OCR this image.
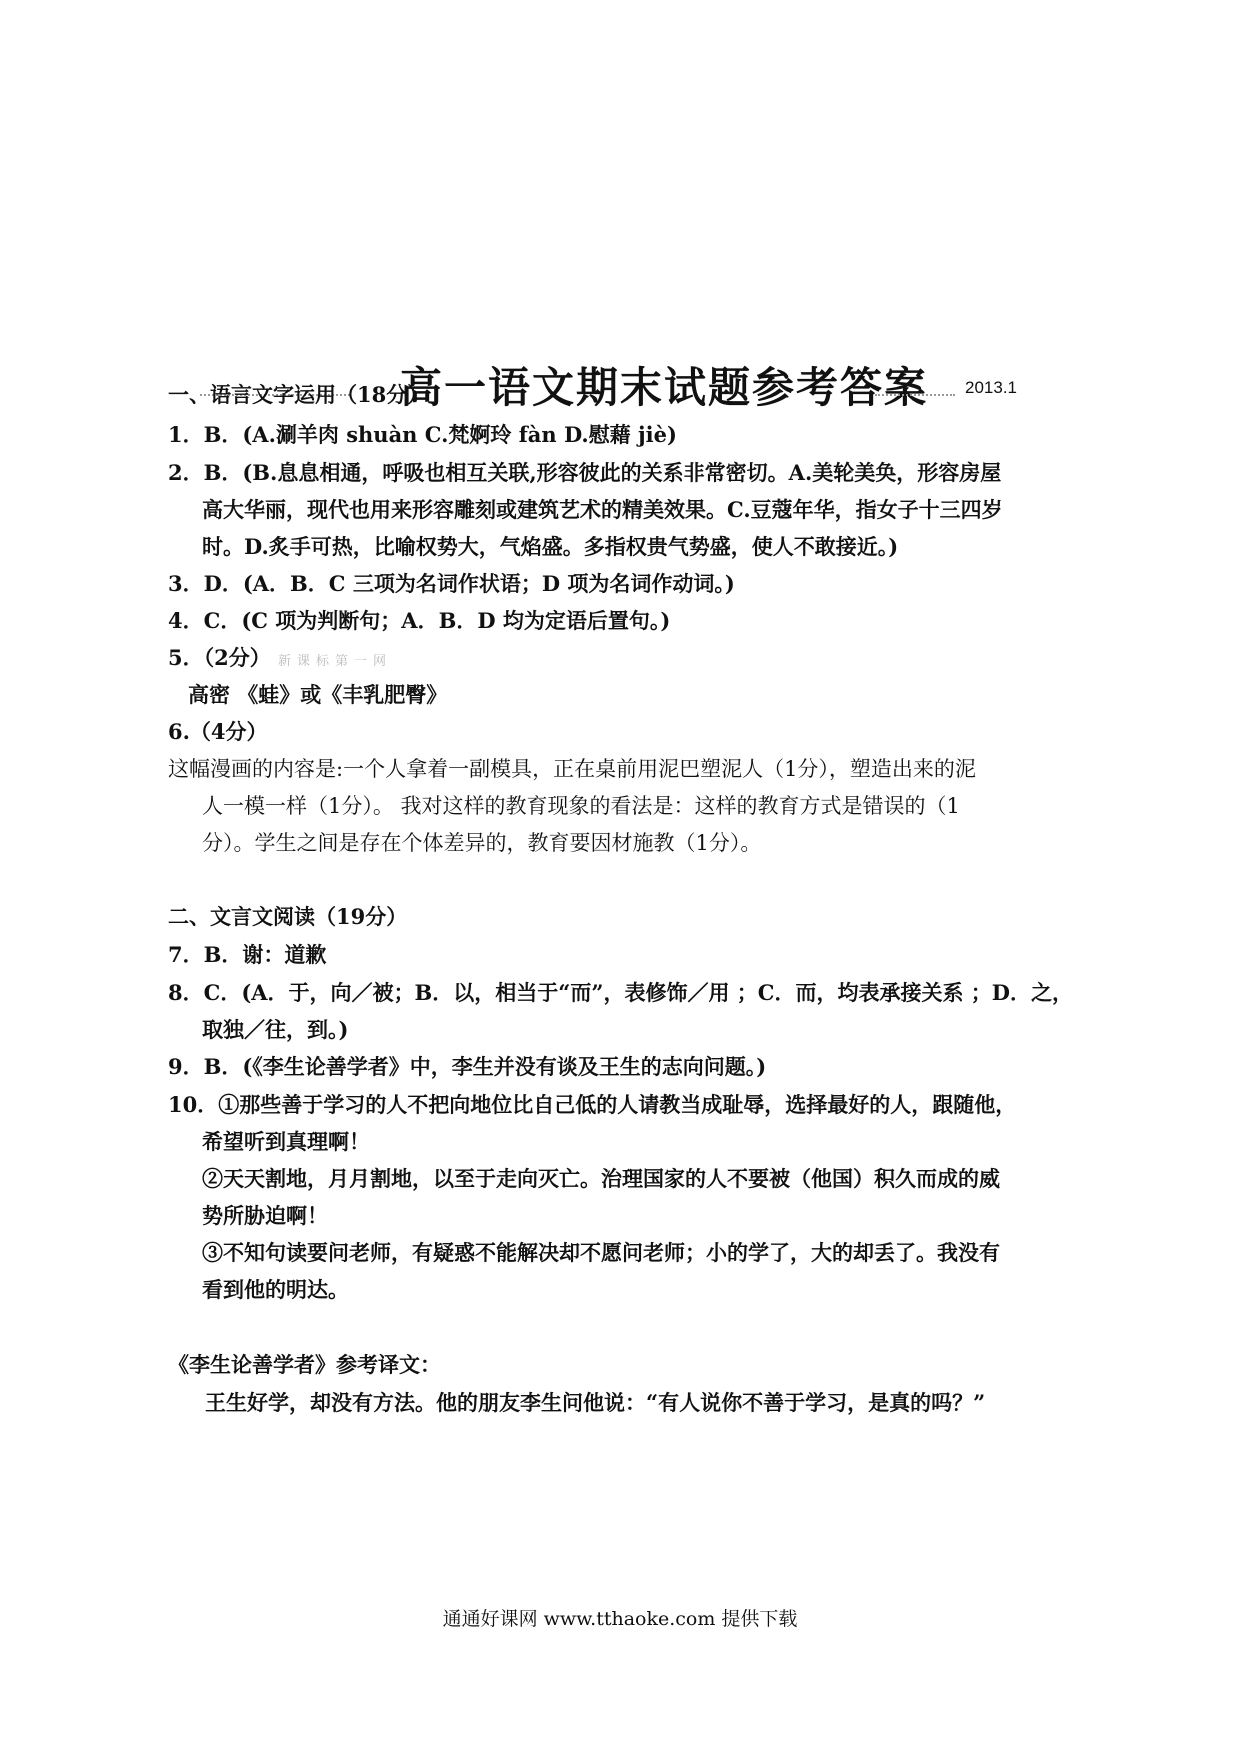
高一语文期末试题参考答案 2013.1
一、语言文字运用（18分）
1．B．(A.涮羊肉 shuàn C.梵婀玲 fàn D.慰藉 jiè)
2．B．(B.息息相通，呼吸也相互关联,形容彼此的关系非常密切。A.美轮美奂，形容房屋
高大华丽，现代也用来形容雕刻或建筑艺术的精美效果。C.豆蔻年华，指女子十三四岁
时。D.炙手可热，比喻权势大，气焰盛。多指权贵气势盛，使人不敢接近。)
3．D．(A．B．C 三项为名词作状语；D 项为名词作动词。)
4．C．(C 项为判断句；A．B．D 均为定语后置句。)
5．（2分） 新课标第一网
高密 《蛙》或《丰乳肥臀》
6.（4分）
这幅漫画的内容是:一个人拿着一副模具，正在桌前用泥巴塑泥人（1分），塑造出来的泥
人一模一样（1分）。 我对这样的教育现象的看法是：这样的教育方式是错误的（1
分）。学生之间是存在个体差异的，教育要因材施教（1分）。
二、文言文阅读（19分）
7．B．谢：道歉
8．C．(A．于，向／被；B．以，相当于“而”，表修饰／用 ；C．而，均表承接关系 ；D．之，
取独／往，到。)
9．B．(《李生论善学者》中，李生并没有谈及王生的志向问题。)
10．①那些善于学习的人不把向地位比自己低的人请教当成耻辱，选择最好的人，跟随他，
希望听到真理啊！
②天天割地，月月割地，以至于走向灭亡。治理国家的人不要被（他国）积久而成的威
势所胁迫啊！
③不知句读要问老师，有疑惑不能解决却不愿问老师；小的学了，大的却丢了。我没有
看到他的明达。
《李生论善学者》参考译文：
王生好学，却没有方法。他的朋友李生问他说：“有人说你不善于学习，是真的吗？”
通通好课网 www.tthaoke.com 提供下载
